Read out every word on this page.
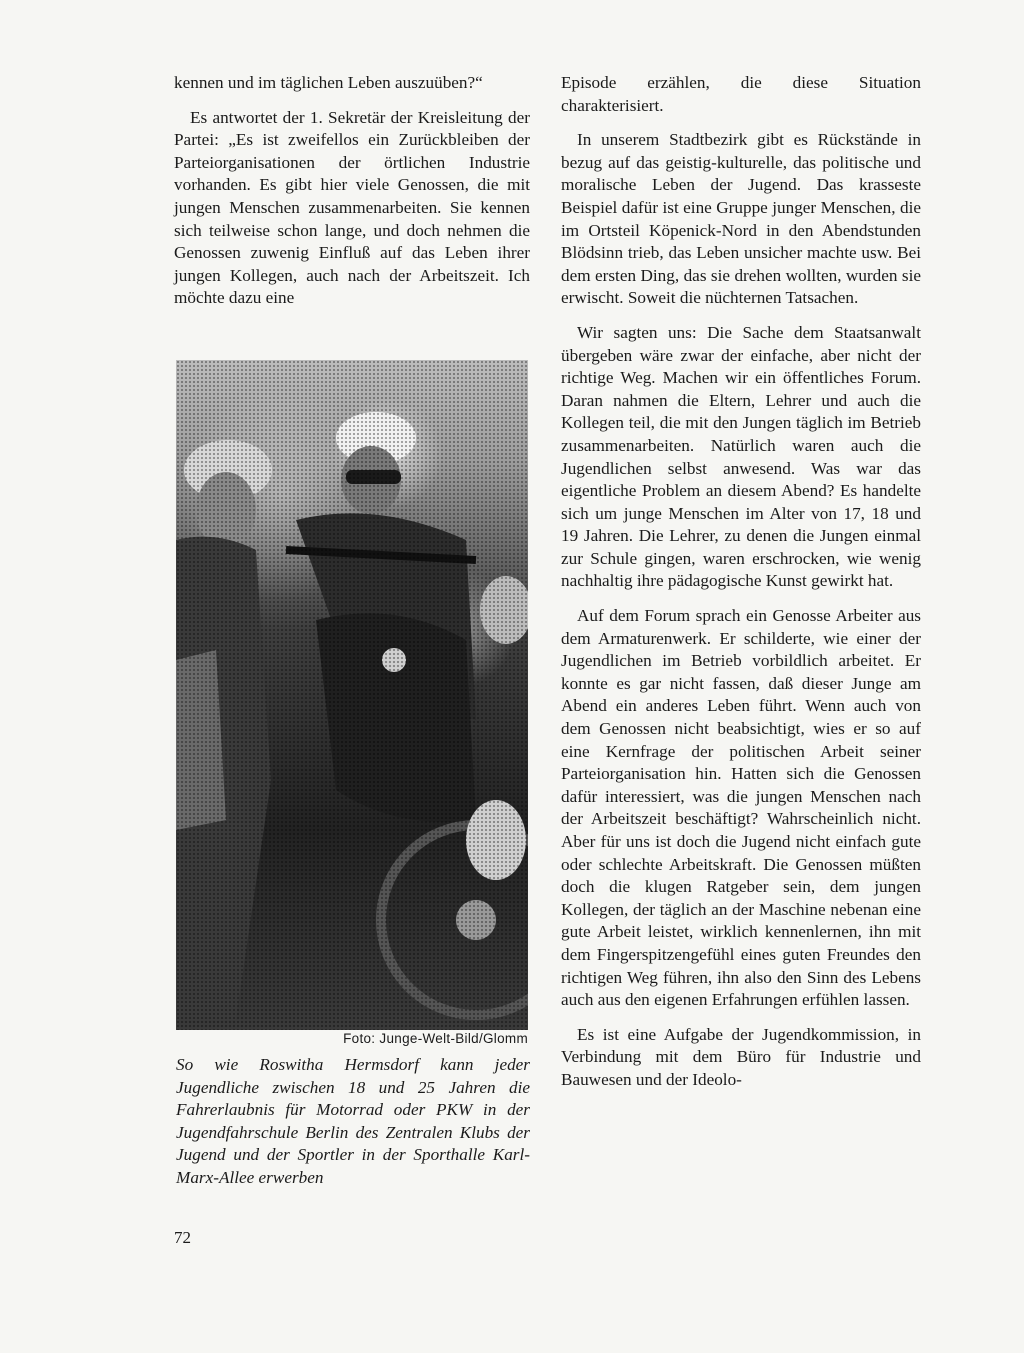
kennen und im täglichen Leben auszuüben?“

Es antwortet der 1. Sekretär der Kreisleitung der Partei: „Es ist zweifellos ein Zurückbleiben der Parteiorganisationen der örtlichen Industrie vorhanden. Es gibt hier viele Genossen, die mit jungen Menschen zusammenarbeiten. Sie kennen sich teilweise schon lange, und doch nehmen die Genossen zuwenig Einfluß auf das Leben ihrer jungen Kollegen, auch nach der Arbeitszeit. Ich möchte dazu eine

Foto: Junge-Welt-Bild/Glomm
So wie Roswitha Hermsdorf kann jeder Jugendliche zwischen 18 und 25 Jahren die Fahrerlaubnis für Motorrad oder PKW in der Jugendfahrschule Berlin des Zentralen Klubs der Jugend und der Sportler in der Sporthalle Karl-Marx-Allee erwerben

Episode erzählen, die diese Situation charakterisiert.

In unserem Stadtbezirk gibt es Rückstände in bezug auf das geistig-kulturelle, das politische und moralische Leben der Jugend. Das krasseste Beispiel dafür ist eine Gruppe junger Menschen, die im Ortsteil Köpenick-Nord in den Abendstunden Blödsinn trieb, das Leben unsicher machte usw. Bei dem ersten Ding, das sie drehen wollten, wurden sie erwischt. Soweit die nüchternen Tatsachen.

Wir sagten uns: Die Sache dem Staatsanwalt übergeben wäre zwar der einfache, aber nicht der richtige Weg. Machen wir ein öffentliches Forum. Daran nahmen die Eltern, Lehrer und auch die Kollegen teil, die mit den Jungen täglich im Betrieb zusammenarbeiten. Natürlich waren auch die Jugendlichen selbst anwesend. Was war das eigentliche Problem an diesem Abend? Es handelte sich um junge Menschen im Alter von 17, 18 und 19 Jahren. Die Lehrer, zu denen die Jungen einmal zur Schule gingen, waren erschrocken, wie wenig nachhaltig ihre pädagogische Kunst gewirkt hat.

Auf dem Forum sprach ein Genosse Arbeiter aus dem Armaturenwerk. Er schilderte, wie einer der Jugendlichen im Betrieb vorbildlich arbeitet. Er konnte es gar nicht fassen, daß dieser Junge am Abend ein anderes Leben führt. Wenn auch von dem Genossen nicht beabsichtigt, wies er so auf eine Kernfrage der politischen Arbeit seiner Parteiorganisation hin. Hatten sich die Genossen dafür interessiert, was die jungen Menschen nach der Arbeitszeit beschäftigt? Wahrscheinlich nicht. Aber für uns ist doch die Jugend nicht einfach gute oder schlechte Arbeitskraft. Die Genossen müßten doch die klugen Ratgeber sein, dem jungen Kollegen, der täglich an der Maschine nebenan eine gute Arbeit leistet, wirklich kennenlernen, ihn mit dem Fingerspitzengefühl eines guten Freundes den richtigen Weg führen, ihn also den Sinn des Lebens auch aus den eigenen Erfahrungen erfühlen lassen.

Es ist eine Aufgabe der Jugendkommission, in Verbindung mit dem Büro für Industrie und Bauwesen und der Ideolo-

72
